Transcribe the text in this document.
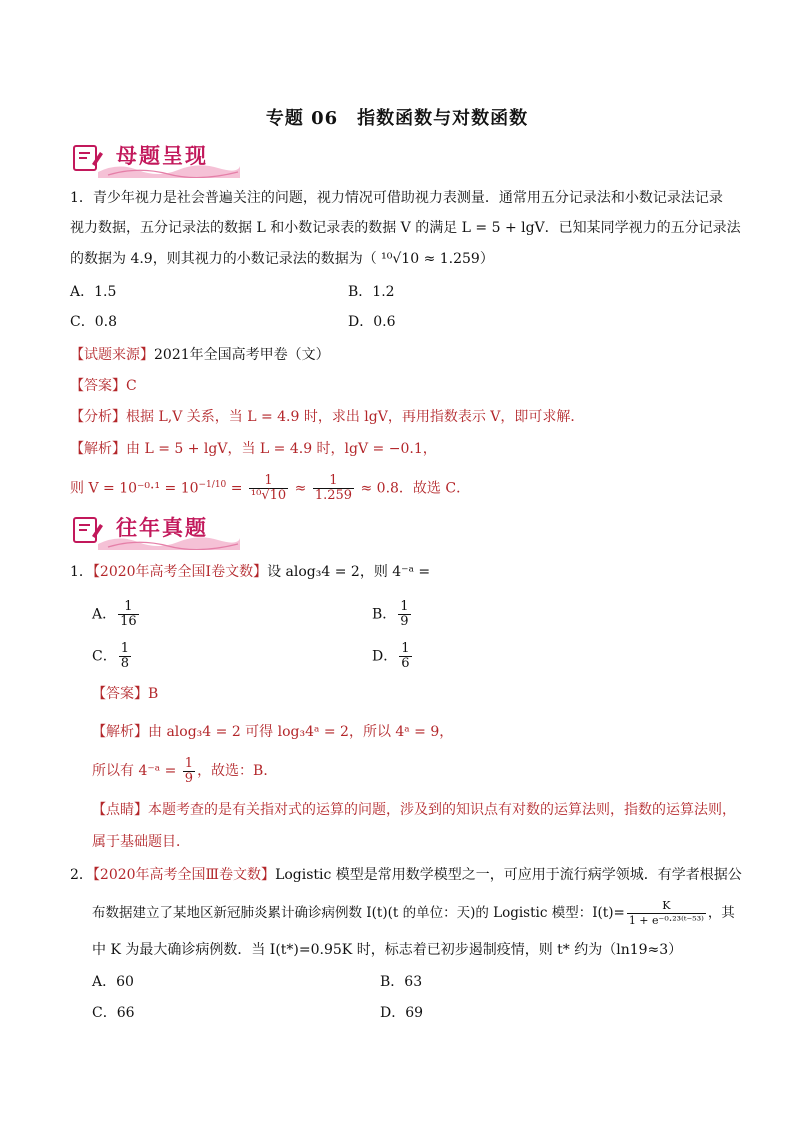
专题 06　指数函数与对数函数
母题呈现
1．青少年视力是社会普遍关注的问题，视力情况可借助视力表测量．通常用五分记录法和小数记录法记录
视力数据，五分记录法的数据 L 和小数记录表的数据 V 的满足 L = 5 + lgV．已知某同学视力的五分记录法
的数据为 4.9，则其视力的小数记录法的数据为（ ¹⁰√10 ≈ 1.259）
A．1.5	B．1.2
C．0.8	D．0.6
【试题来源】2021年全国高考甲卷（文）
【答案】C
【分析】根据 L,V 关系，当 L = 4.9 时，求出 lgV，再用指数表示 V，即可求解．
【解析】由 L = 5 + lgV，当 L = 4.9 时，lgV = −0.1，
则 $V = 10^{-0}\cdot^1 = 10^{-1/10} = \frac{1}{\text{¹⁰√10}} \approx \frac{1}{1.259} \approx 0.8$．故选 C．
往年真题
1．【2020年高考全国Ⅰ卷文数】设 alog₃4 = 2，则 4⁻ᵃ =
A． $\frac{1}{16}$	B． $\frac{1}{9}$
C． $\frac{1}{8}$	D． $\frac{1}{6}$
【答案】B
【解析】由 alog₃4 = 2 可得 log₃4ᵃ = 2，所以 4ᵃ = 9，
所以有 4⁻ᵃ = $\frac{1}{9}$ ，故选：B．
【点睛】本题考查的是有关指对式的运算的问题，涉及到的知识点有对数的运算法则，指数的运算法则，
属于基础题目．
2．【2020年高考全国Ⅲ卷文数】Logistic 模型是常用数学模型之一，可应用于流行病学领城．有学者根据公
布数据建立了某地区新冠肺炎累计确诊病例数 I(t)(t 的单位：天)的 Logistic 模型：$I(t)= \frac{K}{\text{1 + e⁻⁰·²³⁽ᵗ⁻⁵³⁾}}$ ，其
中 K 为最大确诊病例数．当 I(t*)=0.95K 时，标志着已初步遏制疫情，则 t* 约为（ln19≈3）
A．60	B．63
C．66	D．69
